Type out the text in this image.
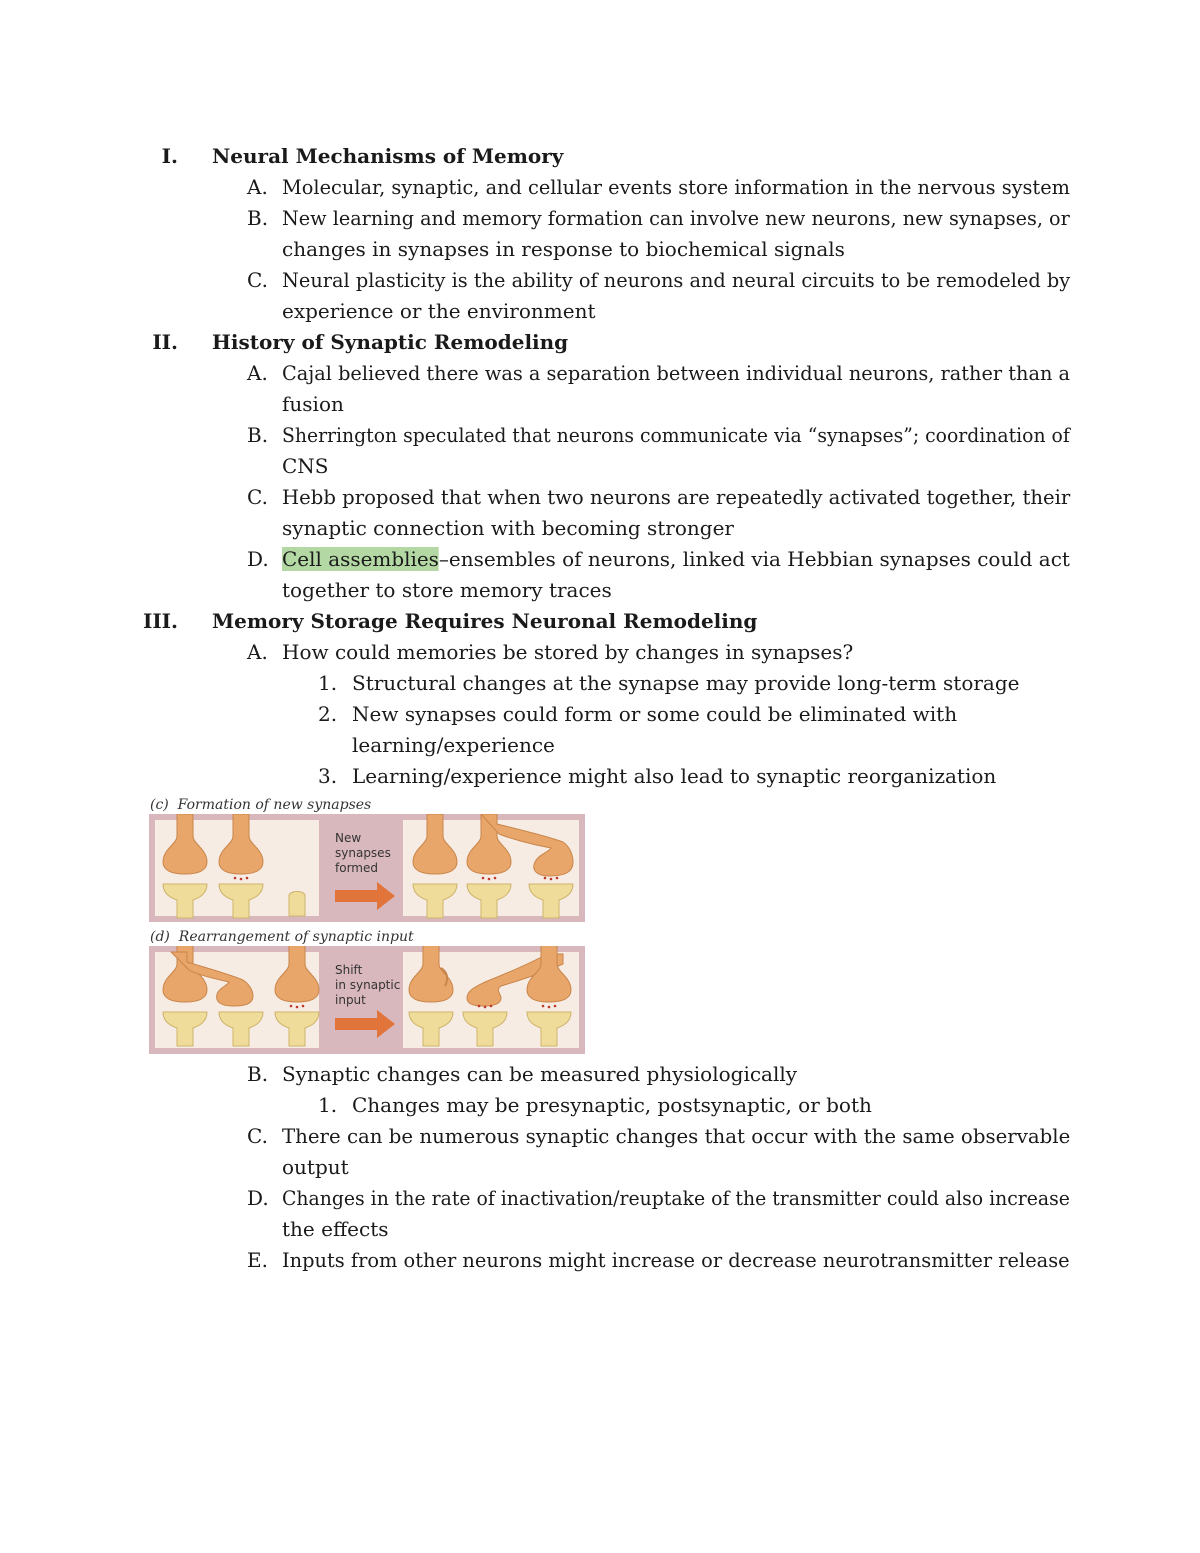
I. Neural Mechanisms of Memory
A. Molecular, synaptic, and cellular events store information in the nervous system
B. New learning and memory formation can involve new neurons, new synapses, or
changes in synapses in response to biochemical signals
C. Neural plasticity is the ability of neurons and neural circuits to be remodeled by
experience or the environment
II. History of Synaptic Remodeling
A. Cajal believed there was a separation between individual neurons, rather than a
fusion
B. Sherrington speculated that neurons communicate via “synapses”; coordination of
CNS
C. Hebb proposed that when two neurons are repeatedly activated together, their
synaptic connection with becoming stronger
D. Cell assemblies–ensembles of neurons, linked via Hebbian synapses could act
together to store memory traces
III. Memory Storage Requires Neuronal Remodeling
A. How could memories be stored by changes in synapses?
1. Structural changes at the synapse may provide long-term storage
2. New synapses could form or some could be eliminated with
learning/experience
3. Learning/experience might also lead to synaptic reorganization
(c) Formation of new synapses
New
synapses
formed
(d) Rearrangement of synaptic input
Shift
in synaptic
input
B. Synaptic changes can be measured physiologically
1. Changes may be presynaptic, postsynaptic, or both
C. There can be numerous synaptic changes that occur with the same observable
output
D. Changes in the rate of inactivation/reuptake of the transmitter could also increase
the effects
E. Inputs from other neurons might increase or decrease neurotransmitter release
